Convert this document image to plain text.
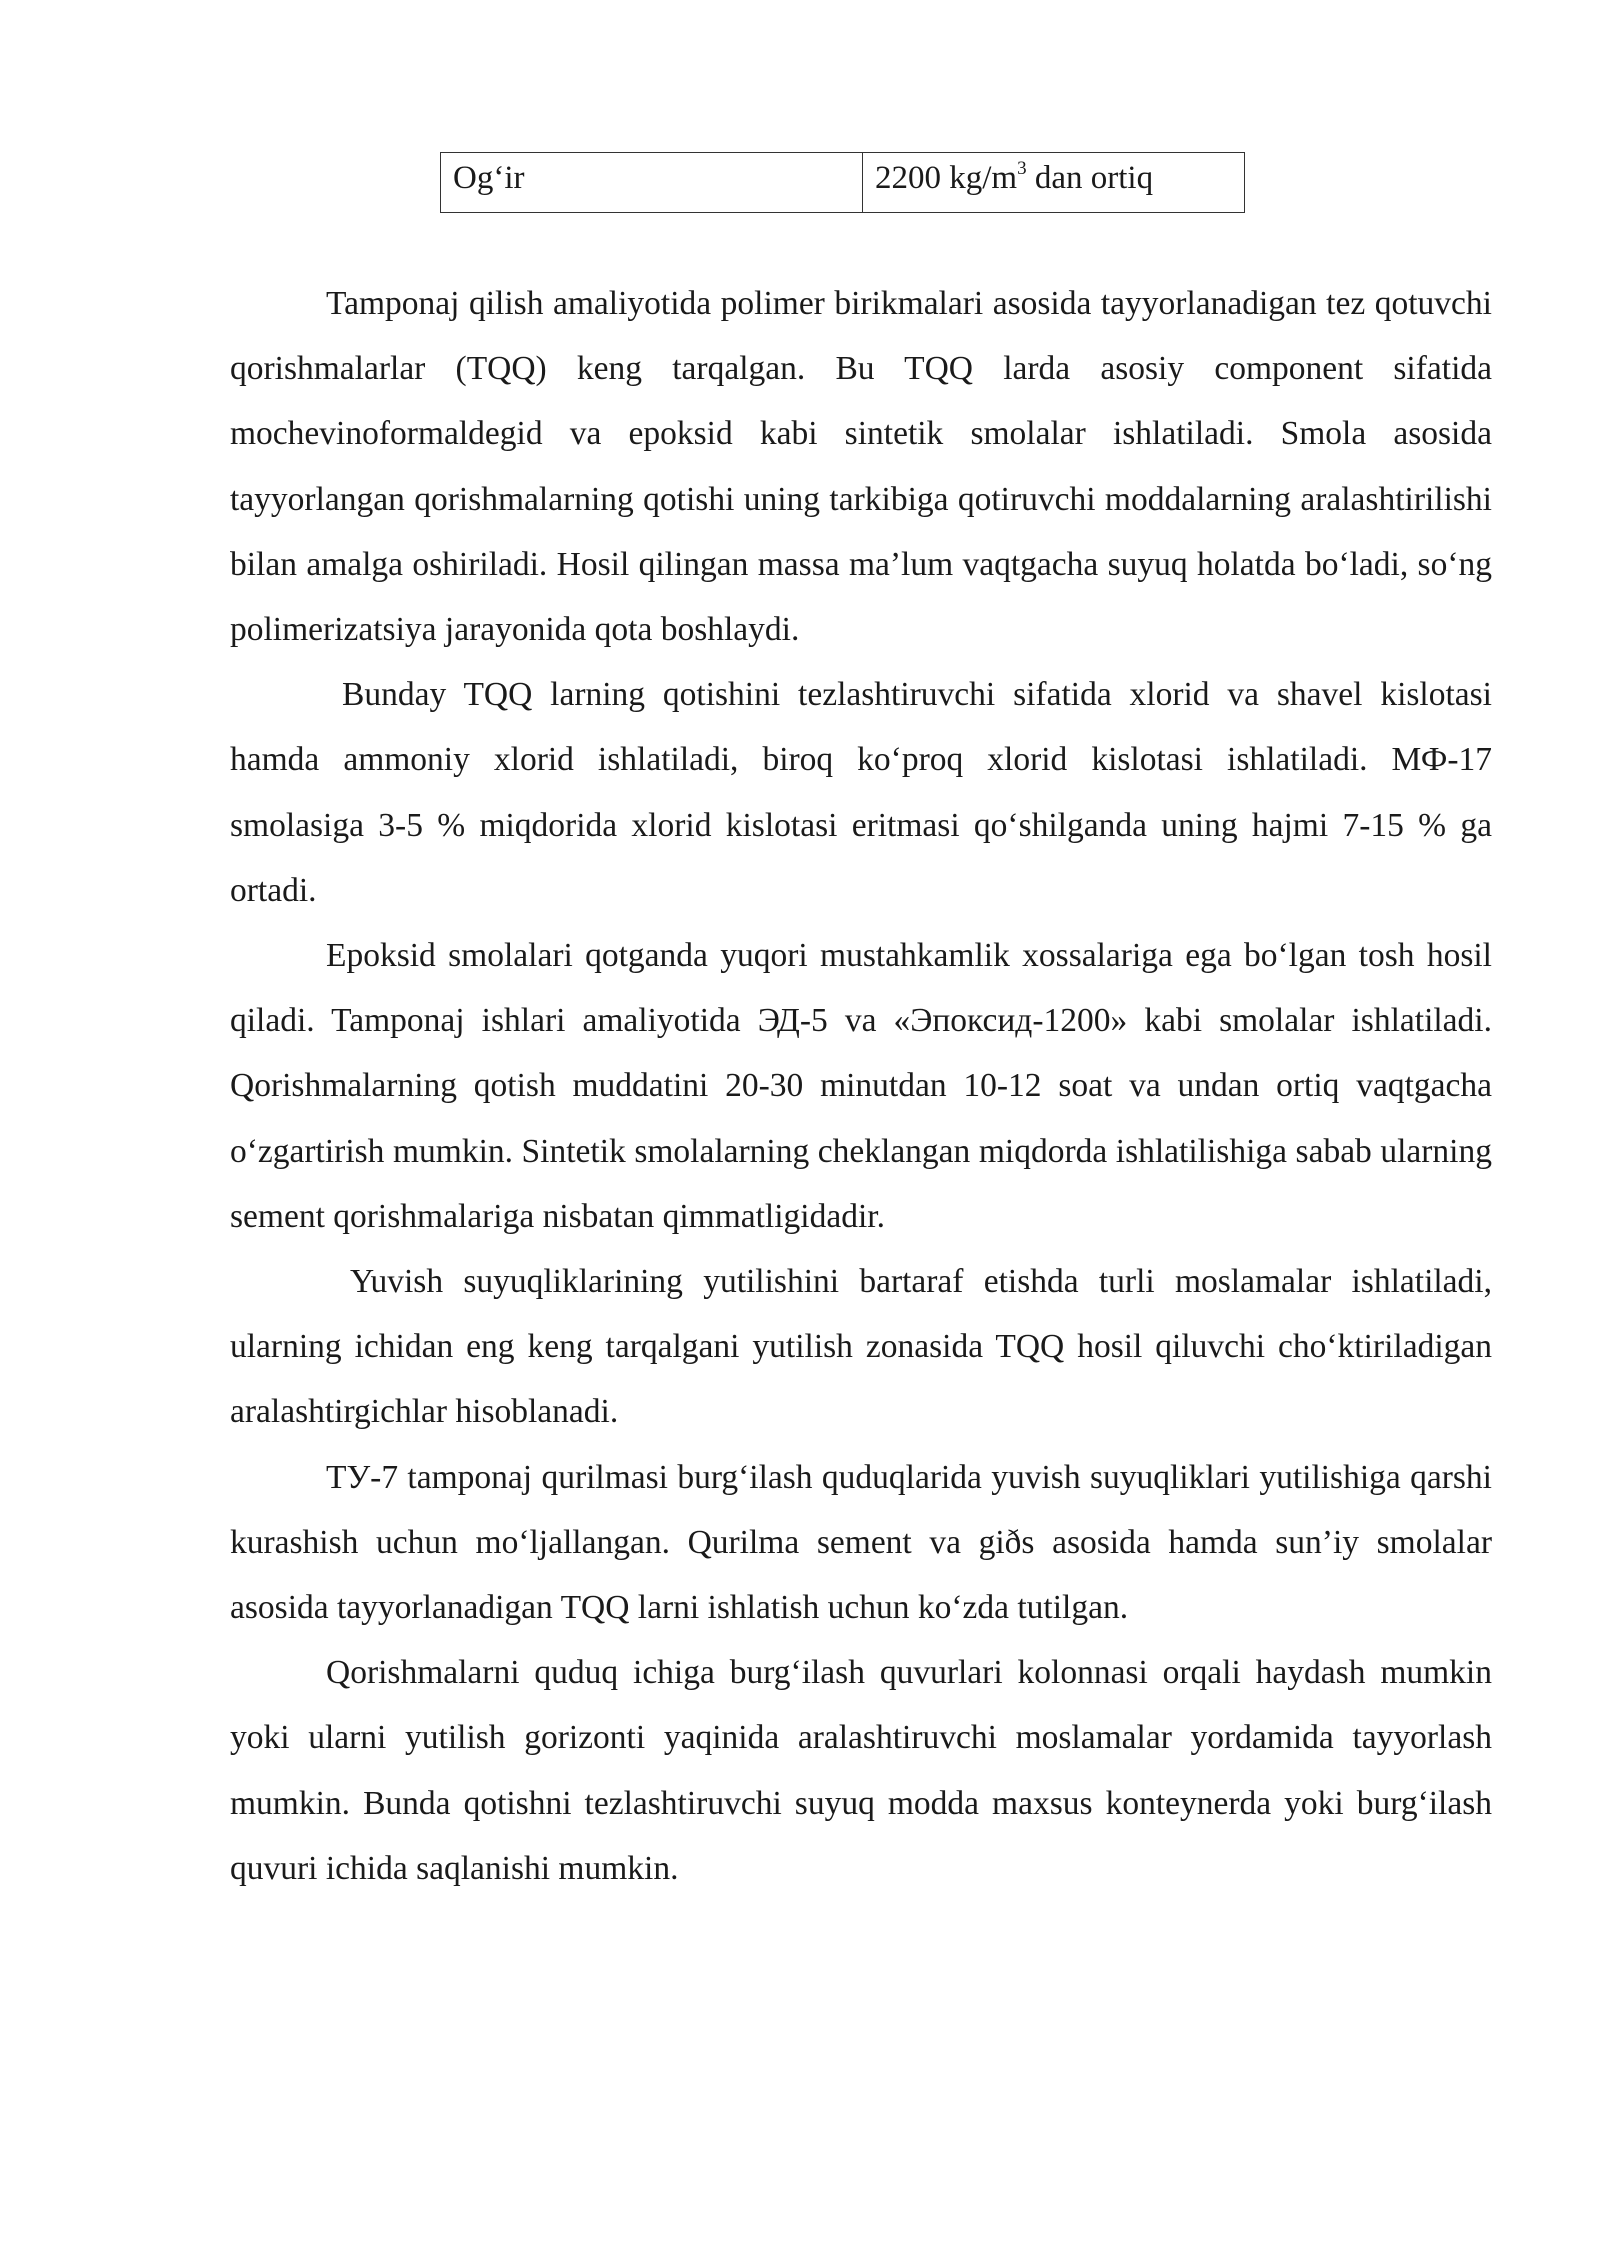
Og‘ir	2200 $kg/m^3$ dan ortiq

Tamponaj qilish amaliyotida polimer birikmalari asosida tayyorlanadigan tez qotuvchi qorishmalarlar (TQQ) keng tarqalgan. Bu TQQ larda asosiy component sifatida mochevinoformaldegid va epoksid kabi sintetik smolalar ishlatiladi. Smola asosida tayyorlangan qorishmalarning qotishi uning tarkibiga qotiruvchi moddalarning aralashtirilishi bilan amalga oshiriladi. Hosil qilingan massa ma’lum vaqtgacha suyuq holatda bo‘ladi, so‘ng polimerizatsiya jarayonida qota boshlaydi.

Bunday TQQ larning qotishini tezlashtiruvchi sifatida xlorid va shavel kislotasi hamda ammoniy xlorid ishlatiladi, biroq ko‘proq xlorid kislotasi ishlatiladi. МФ-17 smolasiga 3-5 % miqdorida xlorid kislotasi eritmasi qo‘shilganda uning hajmi 7-15 % ga ortadi.

Epoksid smolalari qotganda yuqori mustahkamlik xossalariga ega bo‘lgan tosh hosil qiladi. Tamponaj ishlari amaliyotida ЭД-5 va «Эпоксид-1200» kabi smolalar ishlatiladi. Qorishmalarning qotish muddatini 20-30 minutdan 10-12 soat va undan ortiq vaqtgacha o‘zgartirish mumkin. Sintetik smolalarning cheklangan miqdorda ishlatilishiga sabab ularning sement qorishmalariga nisbatan qimmatligidadir.

Yuvish suyuqliklarining yutilishini bartaraf etishda turli moslamalar ishlatiladi, ularning ichidan eng keng tarqalgani yutilish zonasida TQQ hosil qiluvchi cho‘ktiriladigan aralashtirgichlar hisoblanadi.

ТУ-7 tamponaj qurilmasi burg‘ilash quduqlarida yuvish suyuqliklari yutilishiga qarshi kurashish uchun mo‘ljallangan. Qurilma sement va giðs asosida hamda sun’iy smolalar asosida tayyorlanadigan TQQ larni ishlatish uchun ko‘zda tutilgan.

Qorishmalarni quduq ichiga burg‘ilash quvurlari kolonnasi orqali haydash mumkin yoki ularni yutilish gorizonti yaqinida aralashtiruvchi moslamalar yordamida tayyorlash mumkin. Bunda qotishni tezlashtiruvchi suyuq modda maxsus konteynerda yoki burg‘ilash quvuri ichida saqlanishi mumkin.
